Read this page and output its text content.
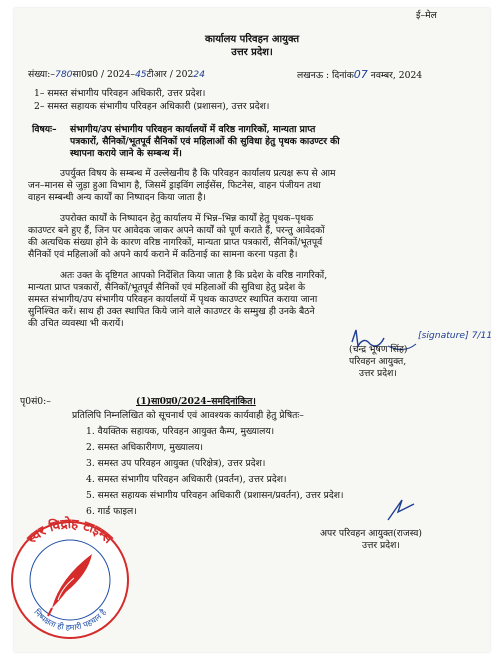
ई–मेल
कार्यालय परिवहन आयुक्त
उत्तर प्रदेश।
संख्या:–780सा0प्र0 / 2024–45टीआर / 20224	लखनऊ : दिनांक07 नवम्बर, 2024
1– समस्त संभागीय परिवहन अधिकारी, उत्तर प्रदेश।
2– समस्त सहायक संभागीय परिवहन अधिकारी (प्रशासन), उत्तर प्रदेश।
विषयः– संभागीय/उप संभागीय परिवहन कार्यालयों में वरिष्ठ नागरिकों, मान्यता प्राप्त
पत्रकारों, सैनिकों/भूतपूर्व सैनिकों एवं महिलाओं की सुविधा हेतु पृथक काउण्टर की
स्थापना कराये जाने के सम्बन्ध में।
उपर्युक्त विषय के सम्बन्ध में उल्लेखनीय है कि परिवहन कार्यालय प्रत्यक्ष रूप से आम
जन–मानस से जुड़ा हुआ विभाग है, जिसमें ड्राइविंग लाईसेंस, फिटनेस, वाहन पंजीयन तथा
वाहन सम्बन्धी अन्य कार्यों का निष्पादन किया जाता है।
उपरोक्त कार्यों के निष्पादन हेतु कार्यालय में भिन्न–भिन्न कार्यों हेतु पृथक–पृथक
काउण्टर बने हुए हैं, जिन पर आवेदक जाकर अपने कार्यों को पूर्ण कराते हैं, परन्तु आवेदकों
की अत्यधिक संख्या होने के कारण वरिष्ठ नागरिकों, मान्यता प्राप्त पत्रकारों, सैनिकों/भूतपूर्व
सैनिकों एवं महिलाओं को अपने कार्य कराने में कठिनाई का सामना करना पड़ता है।
अतः उक्त के दृष्टिगत आपको निर्देशित किया जाता है कि प्रदेश के वरिष्ठ नागरिकों,
मान्यता प्राप्त पत्रकारों, सैनिकों/भूतपूर्व सैनिकों एवं महिलाओं की सुविधा हेतु प्रदेश के
समस्त संभागीय/उप संभागीय परिवहन कार्यालयों में पृथक काउण्टर स्थापित कराया जाना
सुनिश्चित करें। साथ ही उक्त स्थापित किये जाने वाले काउण्टर के सम्मुख ही उनके बैठने
की उचित व्यवस्था भी करायें।
[signature] 7/11
(चन्द्र भूषण सिंह)
परिवहन आयुक्त,
उत्तर प्रदेश।
पृ0सं0:–	(1)सा0प्र0/2024–समदिनांकित।
प्रतिलिपि निम्नलिखित को सूचनार्थ एवं आवश्यक कार्यवाही हेतु प्रेषितः–
1. वैयक्तिक सहायक, परिवहन आयुक्त कैम्प, मुख्यालय।
2. समस्त अधिकारीगण, मुख्यालय।
3. समस्त उप परिवहन आयुक्त (परिक्षेत्र), उत्तर प्रदेश।
4. समस्त संभागीय परिवहन अधिकारी (प्रवर्तन), उत्तर प्रदेश।
5. समस्त सहायक संभागीय परिवहन अधिकारी (प्रशासन/प्रवर्तन), उत्तर प्रदेश।
6. गार्ड फाइल।
अपर परिवहन आयुक्त(राजस्व)
उत्तर प्रदेश।
स्वर विद्रोह टाइम्स
निष्पक्षता ही हमारी पहचान है
